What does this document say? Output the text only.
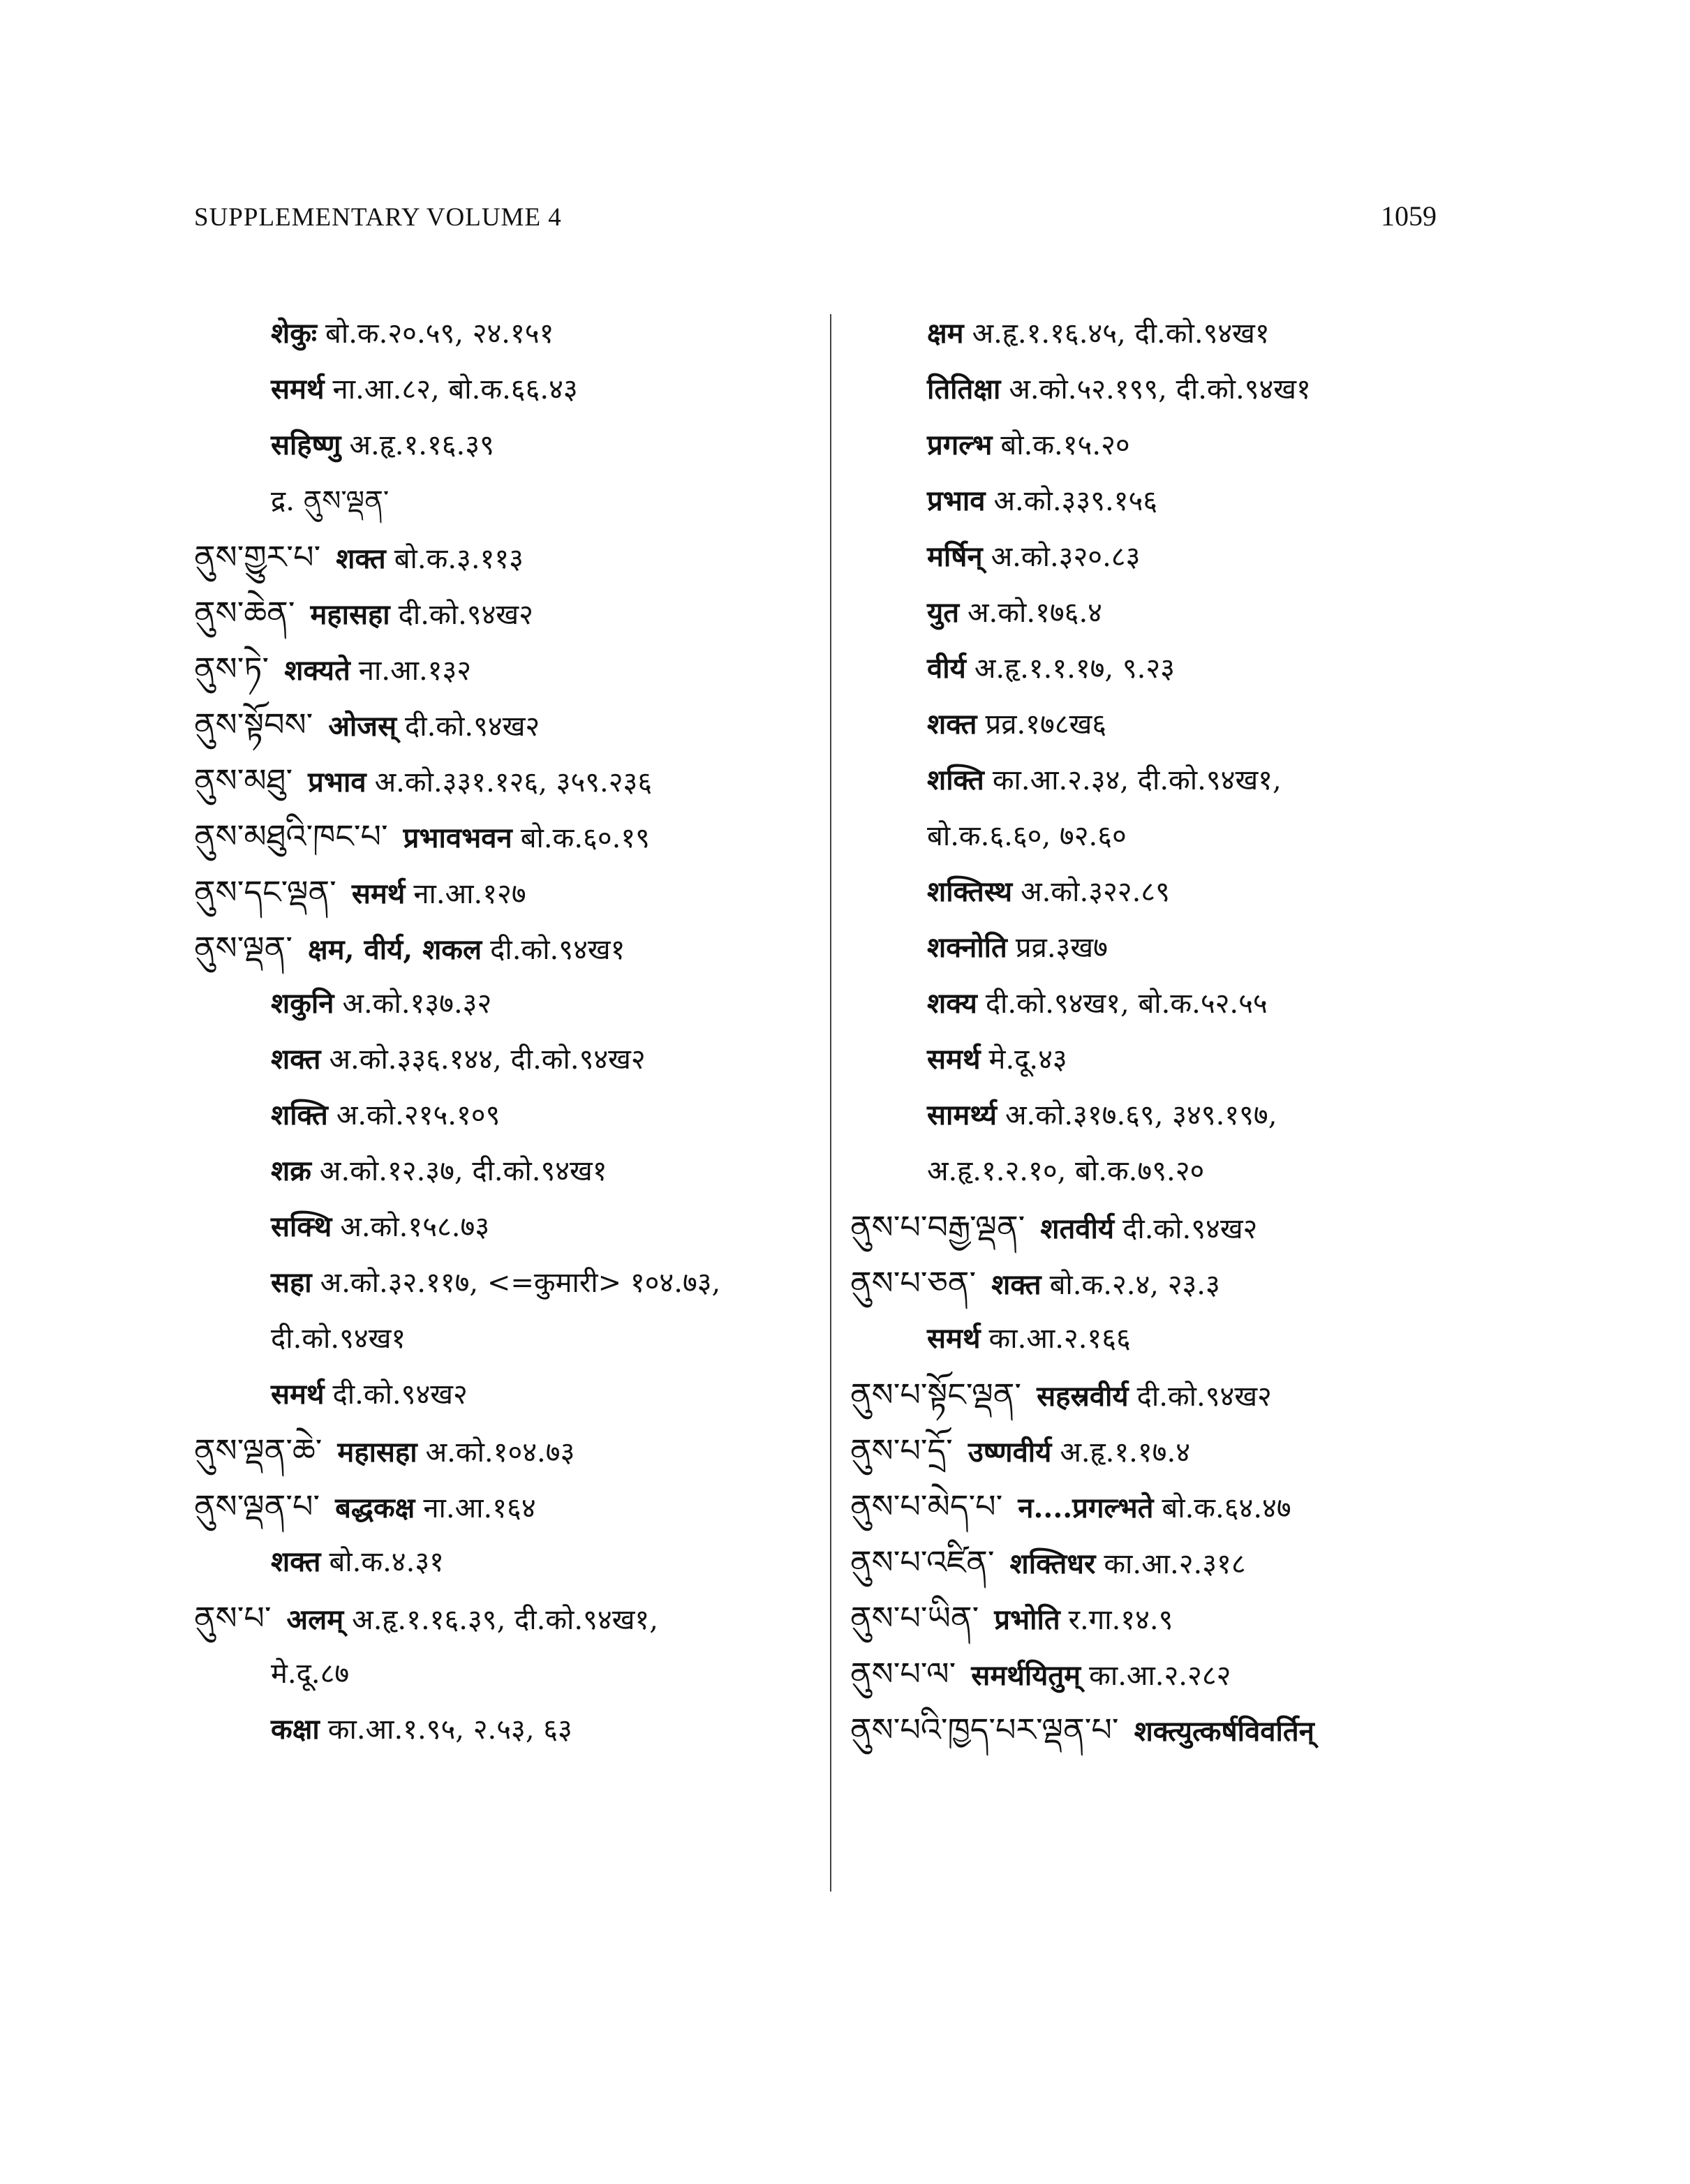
SUPPLEMENTARY VOLUME 4	1059
शेकुः बो.क.२०.५९, २४.१५१
समर्थ ना.आ.८२, बो.क.६६.४३
सहिष्णु अ.हृ.१.१६.३९
द्र. ནུས་ལྡན་
ནུས་གྱུར་པ་ शक्त बो.क.३.११३
ནུས་ཆེན་ महासहा दी.को.९४ख२
ནུས་ཏེ་ शक्यते ना.आ.१३२
ནུས་སྟོབས་ ओजस् दी.को.९४ख२
ནུས་མཐུ་ प्रभाव अ.को.३३१.१२६, ३५९.२३६
ནུས་མཐུའི་ཁང་པ་ प्रभावभवन बो.क.६०.१९
ནུས་དང་ལྡན་ समर्थ ना.आ.१२७
ནུས་ལྡན་ क्षम, वीर्य, शकल दी.को.९४ख१
शकुनि अ.को.१३७.३२
शक्त अ.को.३३६.१४४, दी.को.९४ख२
शक्ति अ.को.२१५.१०९
शक्र अ.को.१२.३७, दी.को.९४ख१
सक्थि अ.को.१५८.७३
सहा अ.को.३२.११७, <=कुमारी> १०४.७३,
दी.को.९४ख१
समर्थ दी.को.९४ख२
ནུས་ལྡན་ཆེ་ महासहा अ.को.१०४.७३
ནུས་ལྡན་པ་ बद्धकक्ष ना.आ.१६४
शक्त बो.क.४.३१
ནུས་པ་ अलम् अ.हृ.१.१६.३९, दी.को.९४ख१,
मे.दू.८७
कक्षा का.आ.१.९५, २.५३, ६३
क्षम अ.हृ.१.१६.४५, दी.को.९४ख१
तितिक्षा अ.को.५२.१९९, दी.को.९४ख१
प्रगल्भ बो.क.१५.२०
प्रभाव अ.को.३३९.१५६
मर्षिन् अ.को.३२०.८३
युत अ.को.१७६.४
वीर्य अ.हृ.१.१.१७, ९.२३
शक्त प्रव्र.१७८ख६
शक्ति का.आ.२.३४, दी.को.९४ख१,
बो.क.६.६०, ७२.६०
शक्तिस्थ अ.को.३२२.८९
शक्नोति प्रव्र.३ख७
शक्य दी.को.९४ख१, बो.क.५२.५५
समर्थ मे.दू.४३
सामर्थ्य अ.को.३१७.६९, ३४९.१९७,
अ.हृ.१.२.१०, बो.क.७९.२०
ནུས་པ་བརྒྱ་ལྡན་ शतवीर्य दी.को.९४ख२
ནུས་པ་ཅན་ शक्त बो.क.२.४, २३.३
समर्थ का.आ.२.१६६
ནུས་པ་སྟོང་ལྡན་ सहस्रवीर्य दी.को.९४ख२
ནུས་པ་དྲོ་ उष्णवीर्य अ.हृ.१.१७.४
ནུས་པ་མེད་པ་ न....प्रगल्भते बो.क.६४.४७
ནུས་པ་འཛིན་ शक्तिधर का.आ.२.३१८
ནུས་པ་ཡིན་ प्रभोति र.गा.१४.९
ནུས་པ་ལ་ समर्थयितुम् का.आ.२.२८२
ནུས་པའི་ཁྱད་པར་ལྡན་པ་ शक्त्युत्कर्षविवर्तिन्
